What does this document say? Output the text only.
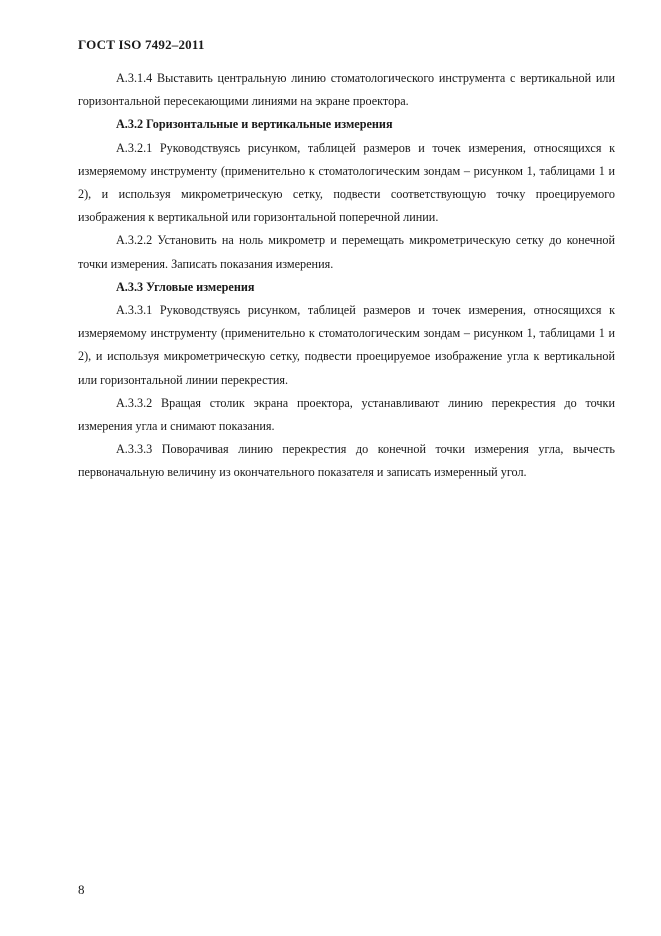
ГОСТ ISO 7492–2011

A.3.1.4 Выставить центральную линию стоматологического инструмента с вертикальной или горизонтальной пересекающими линиями на экране проектора.

A.3.2 Горизонтальные и вертикальные измерения

A.3.2.1 Руководствуясь рисунком, таблицей размеров и точек измерения, относящихся к измеряемому инструменту (применительно к стоматологическим зондам – рисунком 1, таблицами 1 и 2), и используя микрометрическую сетку, подвести соответствующую точку проецируемого изображения к вертикальной или горизонтальной поперечной линии.

A.3.2.2 Установить на ноль микрометр и перемещать микрометрическую сетку до конечной точки измерения. Записать показания измерения.

A.3.3 Угловые измерения

A.3.3.1 Руководствуясь рисунком, таблицей размеров и точек измерения, относящихся к измеряемому инструменту (применительно к стоматологическим зондам – рисунком 1, таблицами 1 и 2), и используя микрометрическую сетку, подвести проецируемое изображение угла к вертикальной или горизонтальной линии перекрестия.

A.3.3.2 Вращая столик экрана проектора, устанавливают линию перекрестия до точки измерения угла и снимают показания.

A.3.3.3 Поворачивая линию перекрестия до конечной точки измерения угла, вычесть первоначальную величину из окончательного показателя и записать измеренный угол.

8
